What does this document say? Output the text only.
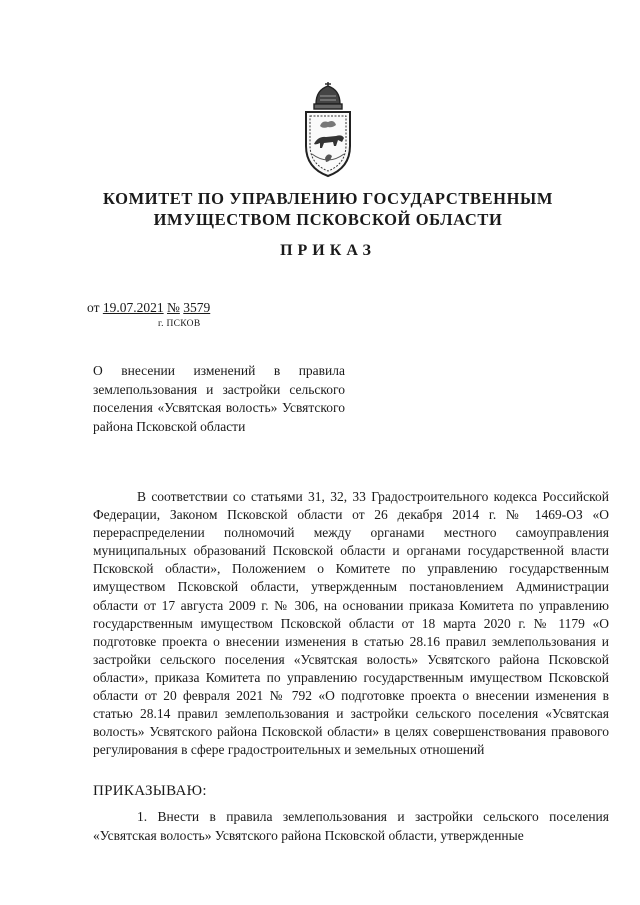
КОМИТЕТ ПО УПРАВЛЕНИЮ ГОСУДАРСТВЕННЫМ
ИМУЩЕСТВОМ ПСКОВСКОЙ ОБЛАСТИ
ПРИКАЗ
от 19.07.2021 № 3579
г. ПСКОВ
О внесении изменений в правила землепользования и застройки сельского поселения «Усвятская волость» Усвятского района Псковской области

В соответствии со статьями 31, 32, 33 Градостроительного кодекса Российской Федерации, Законом Псковской области от 26 декабря 2014 г. № 1469-ОЗ «О перераспределении полномочий между органами местного самоуправления муниципальных образований Псковской области и органами государственной власти Псковской области», Положением о Комитете по управлению государственным имуществом Псковской области, утвержденным постановлением Администрации области от 17 августа 2009 г. № 306, на основании приказа Комитета по управлению государственным имуществом Псковской области от 18 марта 2020 г. № 1179 «О подготовке проекта о внесении изменения в статью 28.16 правил землепользования и застройки сельского поселения «Усвятская волость» Усвятского района Псковской области», приказа Комитета по управлению государственным имуществом Псковской области от 20 февраля 2021 № 792 «О подготовке проекта о внесении изменения в статью 28.14 правил землепользования и застройки сельского поселения «Усвятская волость» Усвятского района Псковской области» в целях совершенствования правового регулирования в сфере градостроительных и земельных отношений

ПРИКАЗЫВАЮ:

1. Внести в правила землепользования и застройки сельского поселения «Усвятская волость» Усвятского района Псковской области, утвержденные
